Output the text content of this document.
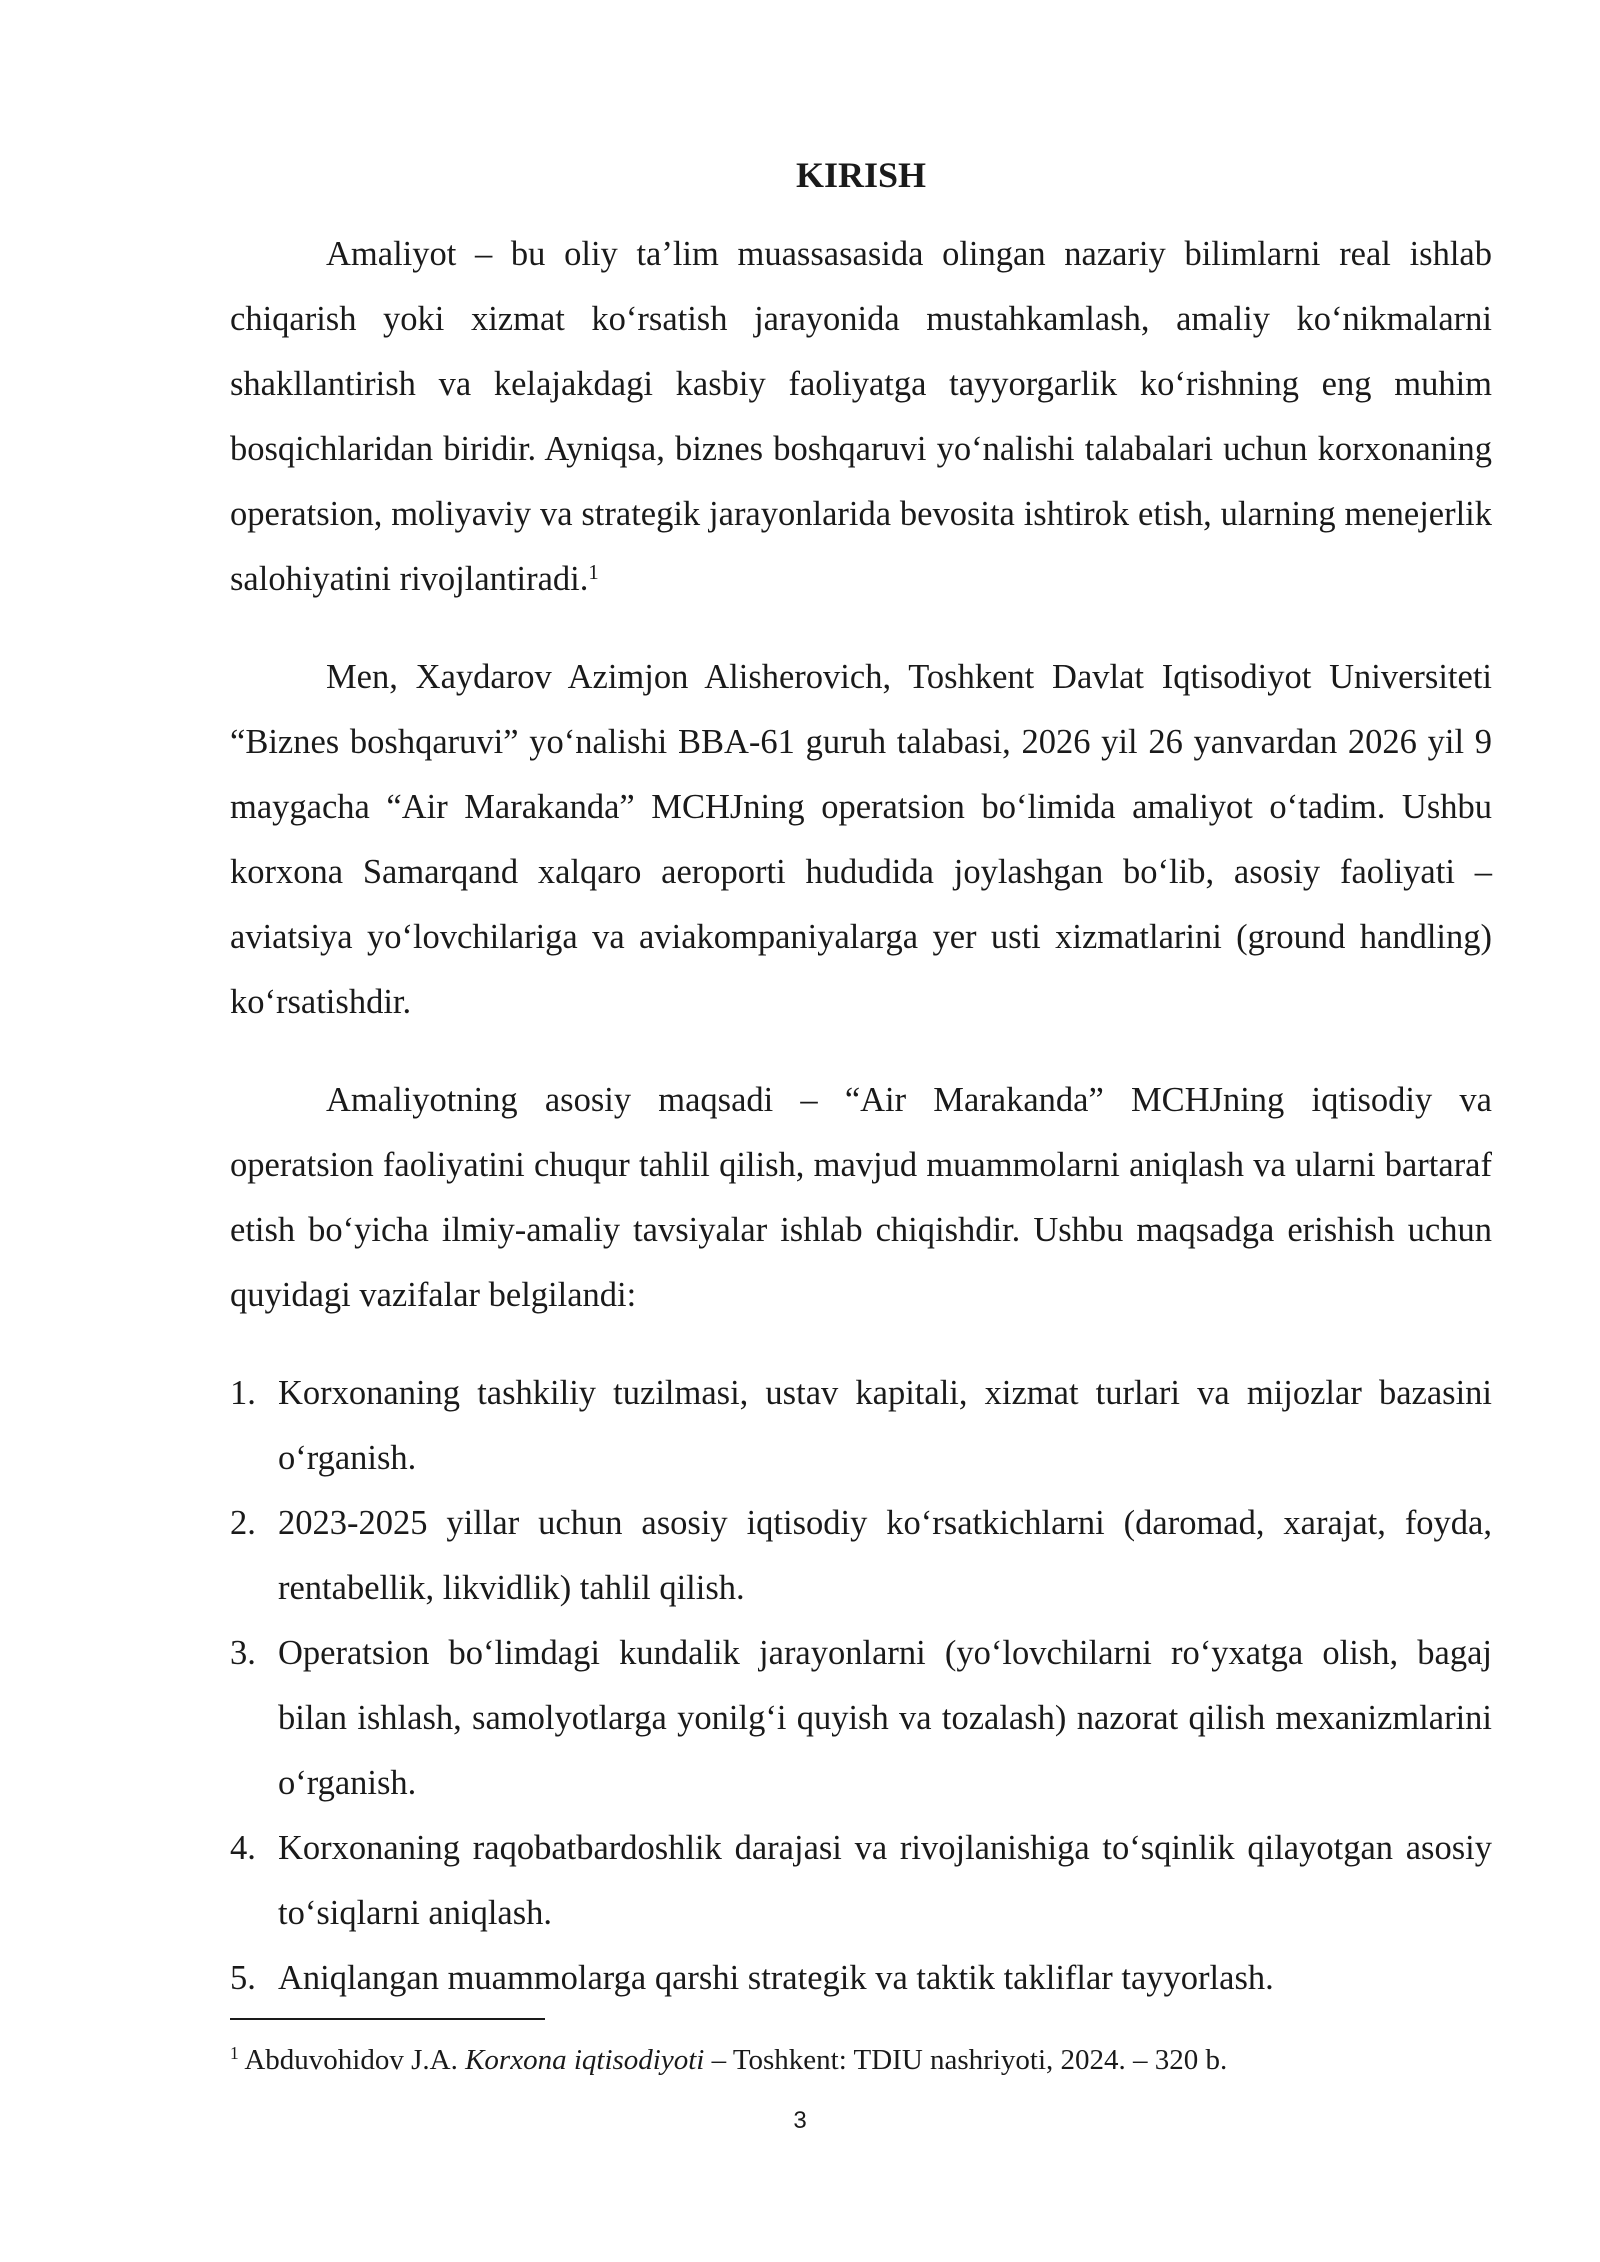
KIRISH

Amaliyot – bu oliy ta’lim muassasasida olingan nazariy bilimlarni real ishlab chiqarish yoki xizmat koʻrsatish jarayonida mustahkamlash, amaliy koʻnikmalarni shakllantirish va kelajakdagi kasbiy faoliyatga tayyorgarlik koʻrishning eng muhim bosqichlaridan biridir. Ayniqsa, biznes boshqaruvi yoʻnalishi talabalari uchun korxonaning operatsion, moliyaviy va strategik jarayonlarida bevosita ishtirok etish, ularning menejerlik salohiyatini rivojlantiradi.$^1$

Men, Xaydarov Azimjon Alisherovich, Toshkent Davlat Iqtisodiyot Universiteti “Biznes boshqaruvi” yoʻnalishi BBA-61 guruh talabasi, 2026 yil 26 yanvardan 2026 yil 9 maygacha “Air Marakanda” MCHJning operatsion boʻlimida amaliyot oʻtadim. Ushbu korxona Samarqand xalqaro aeroporti hududida joylashgan boʻlib, asosiy faoliyati – aviatsiya yoʻlovchilariga va aviakompaniyalarga yer usti xizmatlarini (ground handling) koʻrsatishdir.

Amaliyotning asosiy maqsadi – “Air Marakanda” MCHJning iqtisodiy va operatsion faoliyatini chuqur tahlil qilish, mavjud muammolarni aniqlash va ularni bartaraf etish boʻyicha ilmiy-amaliy tavsiyalar ishlab chiqishdir. Ushbu maqsadga erishish uchun quyidagi vazifalar belgilandi:

1. Korxonaning tashkiliy tuzilmasi, ustav kapitali, xizmat turlari va mijozlar bazasini oʻrganish.
2. 2023-2025 yillar uchun asosiy iqtisodiy koʻrsatkichlarni (daromad, xarajat, foyda, rentabellik, likvidlik) tahlil qilish.
3. Operatsion boʻlimdagi kundalik jarayonlarni (yoʻlovchilarni roʻyxatga olish, bagaj bilan ishlash, samolyotlarga yonilgʻi quyish va tozalash) nazorat qilish mexanizmlarini oʻrganish.
4. Korxonaning raqobatbardoshlik darajasi va rivojlanishiga toʻsqinlik qilayotgan asosiy toʻsiqlarni aniqlash.
5. Aniqlangan muammolarga qarshi strategik va taktik takliflar tayyorlash.

$^1$ Abduvohidov J.A. Korxona iqtisodiyoti – Toshkent: TDIU nashriyoti, 2024. – 320 b.

3
